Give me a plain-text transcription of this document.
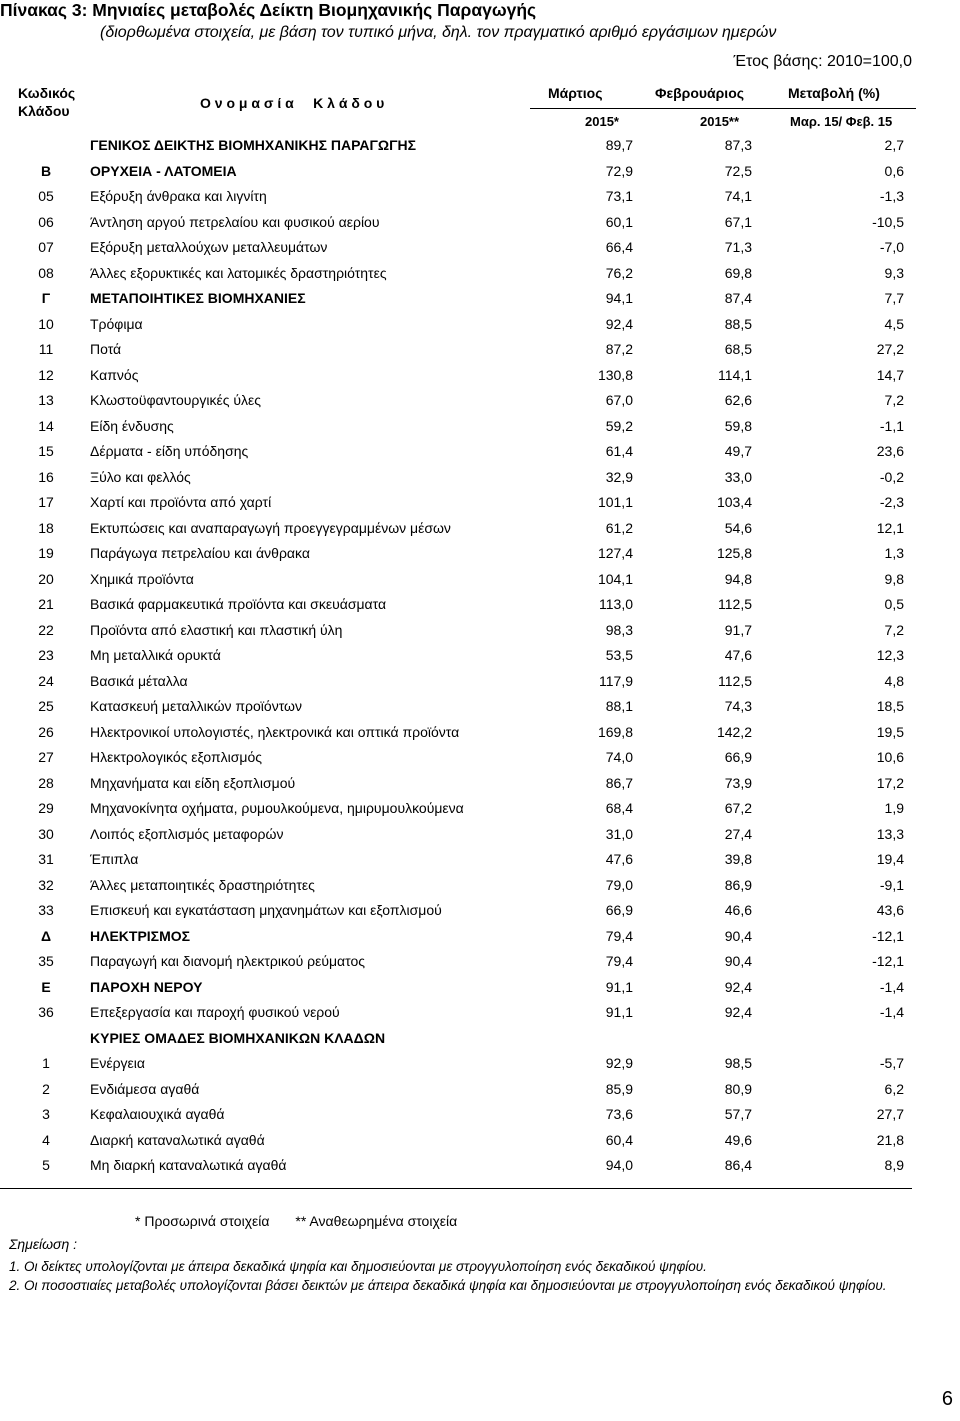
Πίνακας 3: Μηνιαίες μεταβολές Δείκτη Βιομηχανικής Παραγωγής
(διορθωμένα στοιχεία, με βάση τον τυπικό μήνα, δηλ. τον πραγματικό αριθμό εργάσιμων ημερών
Έτος βάσης: 2010=100,0
Κωδικός
Κλάδου	Ο ν ο μ α σ ί α     Κ λ ά δ ο υ
Μάρτιος	Φεβρουάριος	Μεταβολή (%)
2015*	2015**	Μαρ. 15/ Φεβ. 15
ΓΕΝΙΚΟΣ ΔΕΙΚΤΗΣ ΒΙΟΜΗΧΑΝΙΚΗΣ ΠΑΡΑΓΩΓΗΣ	89,7	87,3	2,7
Β	ΟΡΥΧΕΙΑ - ΛΑΤΟΜΕΙΑ	72,9	72,5	0,6
05	Εξόρυξη άνθρακα και λιγνίτη	73,1	74,1	-1,3
06	Άντληση αργού πετρελαίου και φυσικού αερίου	60,1	67,1	-10,5
07	Εξόρυξη μεταλλούχων μεταλλευμάτων	66,4	71,3	-7,0
08	Άλλες εξορυκτικές και λατομικές δραστηριότητες	76,2	69,8	9,3
Γ	ΜΕΤΑΠΟΙΗΤΙΚΕΣ ΒΙΟΜΗΧΑΝΙΕΣ	94,1	87,4	7,7
10	Τρόφιμα	92,4	88,5	4,5
11	Ποτά	87,2	68,5	27,2
12	Καπνός	130,8	114,1	14,7
13	Κλωστοϋφαντουργικές ύλες	67,0	62,6	7,2
14	Είδη ένδυσης	59,2	59,8	-1,1
15	Δέρματα - είδη υπόδησης	61,4	49,7	23,6
16	Ξύλο και φελλός	32,9	33,0	-0,2
17	Χαρτί και προϊόντα από χαρτί	101,1	103,4	-2,3
18	Εκτυπώσεις και αναπαραγωγή προεγγεγραμμένων μέσων	61,2	54,6	12,1
19	Παράγωγα πετρελαίου και άνθρακα	127,4	125,8	1,3
20	Χημικά προϊόντα	104,1	94,8	9,8
21	Βασικά φαρμακευτικά προϊόντα και σκευάσματα	113,0	112,5	0,5
22	Προϊόντα από ελαστική και πλαστική ύλη	98,3	91,7	7,2
23	Μη μεταλλικά ορυκτά	53,5	47,6	12,3
24	Βασικά μέταλλα	117,9	112,5	4,8
25	Κατασκευή μεταλλικών προϊόντων	88,1	74,3	18,5
26	Ηλεκτρονικοί υπολογιστές, ηλεκτρονικά και οπτικά προϊόντα	169,8	142,2	19,5
27	Ηλεκτρολογικός εξοπλισμός	74,0	66,9	10,6
28	Μηχανήματα και είδη εξοπλισμού	86,7	73,9	17,2
29	Μηχανοκίνητα οχήματα, ρυμουλκούμενα, ημιρυμουλκούμενα	68,4	67,2	1,9
30	Λοιπός εξοπλισμός μεταφορών	31,0	27,4	13,3
31	Έπιπλα	47,6	39,8	19,4
32	Άλλες μεταποιητικές δραστηριότητες	79,0	86,9	-9,1
33	Επισκευή και εγκατάσταση μηχανημάτων και εξοπλισμού	66,9	46,6	43,6
Δ	ΗΛΕΚΤΡΙΣΜΟΣ	79,4	90,4	-12,1
35	Παραγωγή και διανομή ηλεκτρικού ρεύματος	79,4	90,4	-12,1
Ε	ΠΑΡΟΧΗ ΝΕΡΟΥ	91,1	92,4	-1,4
36	Επεξεργασία και παροχή φυσικού νερού	91,1	92,4	-1,4
ΚΥΡΙΕΣ ΟΜΑΔΕΣ ΒΙΟΜΗΧΑΝΙΚΩΝ ΚΛΑΔΩΝ
1	Ενέργεια	92,9	98,5	-5,7
2	Ενδιάμεσα αγαθά	85,9	80,9	6,2
3	Κεφαλαιουχικά αγαθά	73,6	57,7	27,7
4	Διαρκή καταναλωτικά αγαθά	60,4	49,6	21,8
5	Μη διαρκή καταναλωτικά αγαθά	94,0	86,4	8,9
* Προσωρινά στοιχεία ** Αναθεωρημένα στοιχεία
Σημείωση :
1. Οι δείκτες υπολογίζονται με άπειρα δεκαδικά ψηφία και δημοσιεύονται με στρογγυλοποίηση ενός δεκαδικού ψηφίου.
2. Οι ποσοστιαίες μεταβολές υπολογίζονται βάσει δεικτών με άπειρα δεκαδικά ψηφία και δημοσιεύονται με στρογγυλοποίηση ενός δεκαδικού ψηφίου.
6
